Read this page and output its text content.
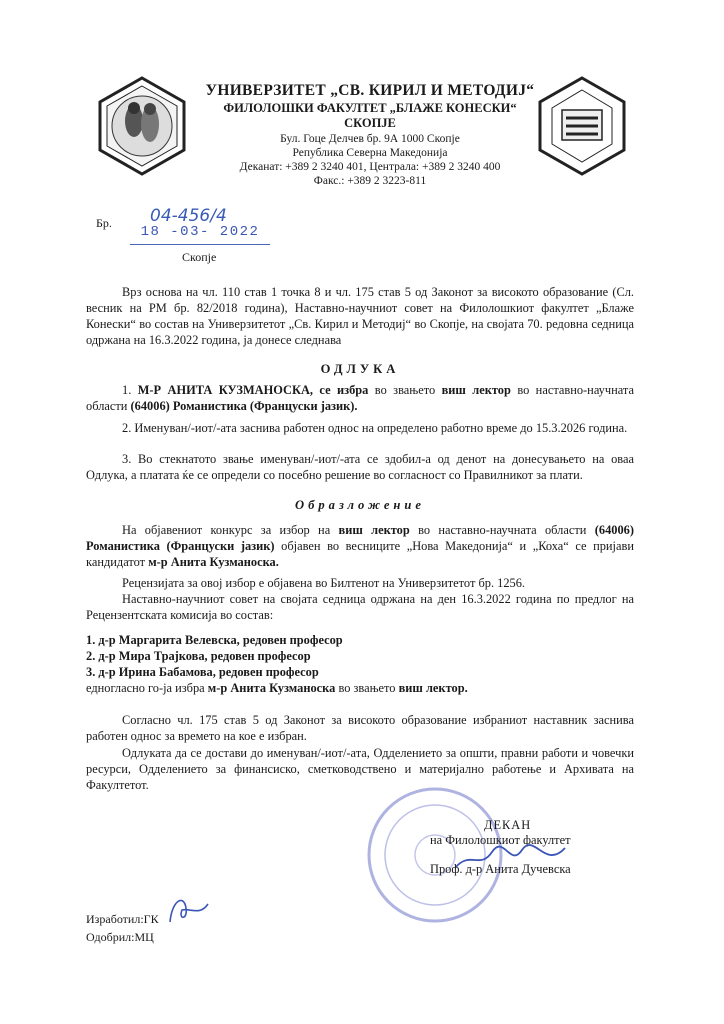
УНИВЕРЗИТЕТ „СВ. КИРИЛ И МЕТОДИЈ“
ФИЛОЛОШКИ ФАКУЛТЕТ „БЛАЖЕ КОНЕСКИ“
СКОПЈЕ
Бул. Гоце Делчев бр. 9А 1000 Скопје
Република Северна Македонија
Деканат: +389 2 3240 401, Централа: +389 2 3240 400
Факс.: +389 2 3223-811
Бр. 04-456/4
18 -03- 2022
Скопје
Врз основа на чл. 110 став 1 точка 8 и чл. 175 став 5 од Законот за високото образование (Сл. весник на РМ бр. 82/2018 година), Наставно-научниот совет на Филолошкиот факултет „Блаже Конески“ во состав на Универзитетот „Св. Кирил и Методиј“ во Скопје, на својата 70. редовна седница одржана на 16.3.2022 година, ја донесе следнава
ОДЛУКА
1. М-Р АНИТА КУЗМАНОСКА, се избра во звањето виш лектор во наставно-научната области (64006) Романистика (Француски јазик).
2. Именуван/-иот/-ата заснива работен однос на определено работно време до 15.3.2026 година.
3. Во стекнатото звање именуван/-иот/-ата се здобил-а од денот на донесувањето на оваа Одлука, а платата ќе се определи со посебно решение во согласност со Правилникот за плати.
Образложение
На објавениот конкурс за избор на виш лектор во наставно-научната области (64006) Романистика (Француски јазик) објавен во весниците „Нова Македонија“ и „Коха“ се пријави кандидатот м-р Анита Кузманоска.
Рецензијата за овој избор е објавена во Билтенот на Универзитетот бр. 1256.
Наставно-научниот совет на својата седница одржана на ден 16.3.2022 година по предлог на Рецензентската комисија во состав:
1. д-р Маргарита Велевска, редовен професор
2. д-р Мира Трајкова, редовен професор
3. д-р Ирина Бабамова, редовен професор
едногласно го-ја избра м-р Анита Кузманоска во звањето виш лектор.
Согласно чл. 175 став 5 од Законот за високото образование избраниот наставник заснива работен однос за времето на кое е избран.
Одлуката да се достави до именуван/-иот/-ата, Одделението за општи, правни работи и човечки ресурси, Одделението за финансиско, сметководствено и материјално работење и Архивата на Факултетот.
ДЕКАН
на Филолошкиот факултет
Проф. д-р Анита Дучевска
Изработил:ГК
Одобрил:МЦ
